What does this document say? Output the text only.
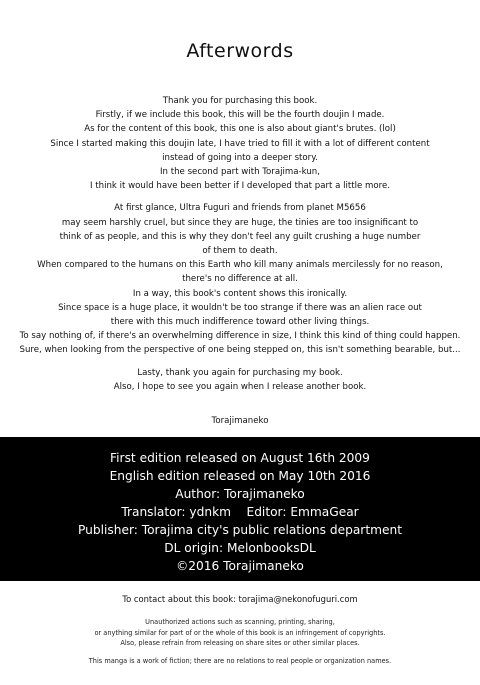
Afterwords
Thank you for purchasing this book.
Firstly, if we include this book, this will be the fourth doujin I made.
As for the content of this book, this one is also about giant's brutes. (lol)
Since I started making this doujin late, I have tried to fill it with a lot of different content
instead of going into a deeper story.
In the second part with Torajima-kun,
I think it would have been better if I developed that part a little more.
At first glance, Ultra Fuguri and friends from planet M5656
may seem harshly cruel, but since they are huge, the tinies are too insignificant to
think of as people, and this is why they don't feel any guilt crushing a huge number
of them to death.
When compared to the humans on this Earth who kill many animals mercilessly for no reason,
there's no difference at all.
In a way, this book's content shows this ironically.
Since space is a huge place, it wouldn't be too strange if there was an alien race out
there with this much indifference toward other living things.
To say nothing of, if there's an overwhelming difference in size, I think this kind of thing could happen.
Sure, when looking from the perspective of one being stepped on, this isn't something bearable, but...
Lasty, thank you again for purchasing my book.
Also, I hope to see you again when I release another book.
Torajimaneko
First edition released on August 16th 2009
English edition released on May 10th 2016
Author: Torajimaneko
Translator: ydnkm    Editor: EmmaGear
Publisher: Torajima city's public relations department
DL origin: MelonbooksDL
©2016 Torajimaneko
To contact about this book: torajima@nekonofuguri.com
Unauthorized actions such as scanning, printing, sharing,
or anything similar for part of or the whole of this book is an infringement of copyrights.
Also, please refrain from releasing on share sites or other similar places.
This manga is a work of fiction; there are no relations to real people or organization names.
